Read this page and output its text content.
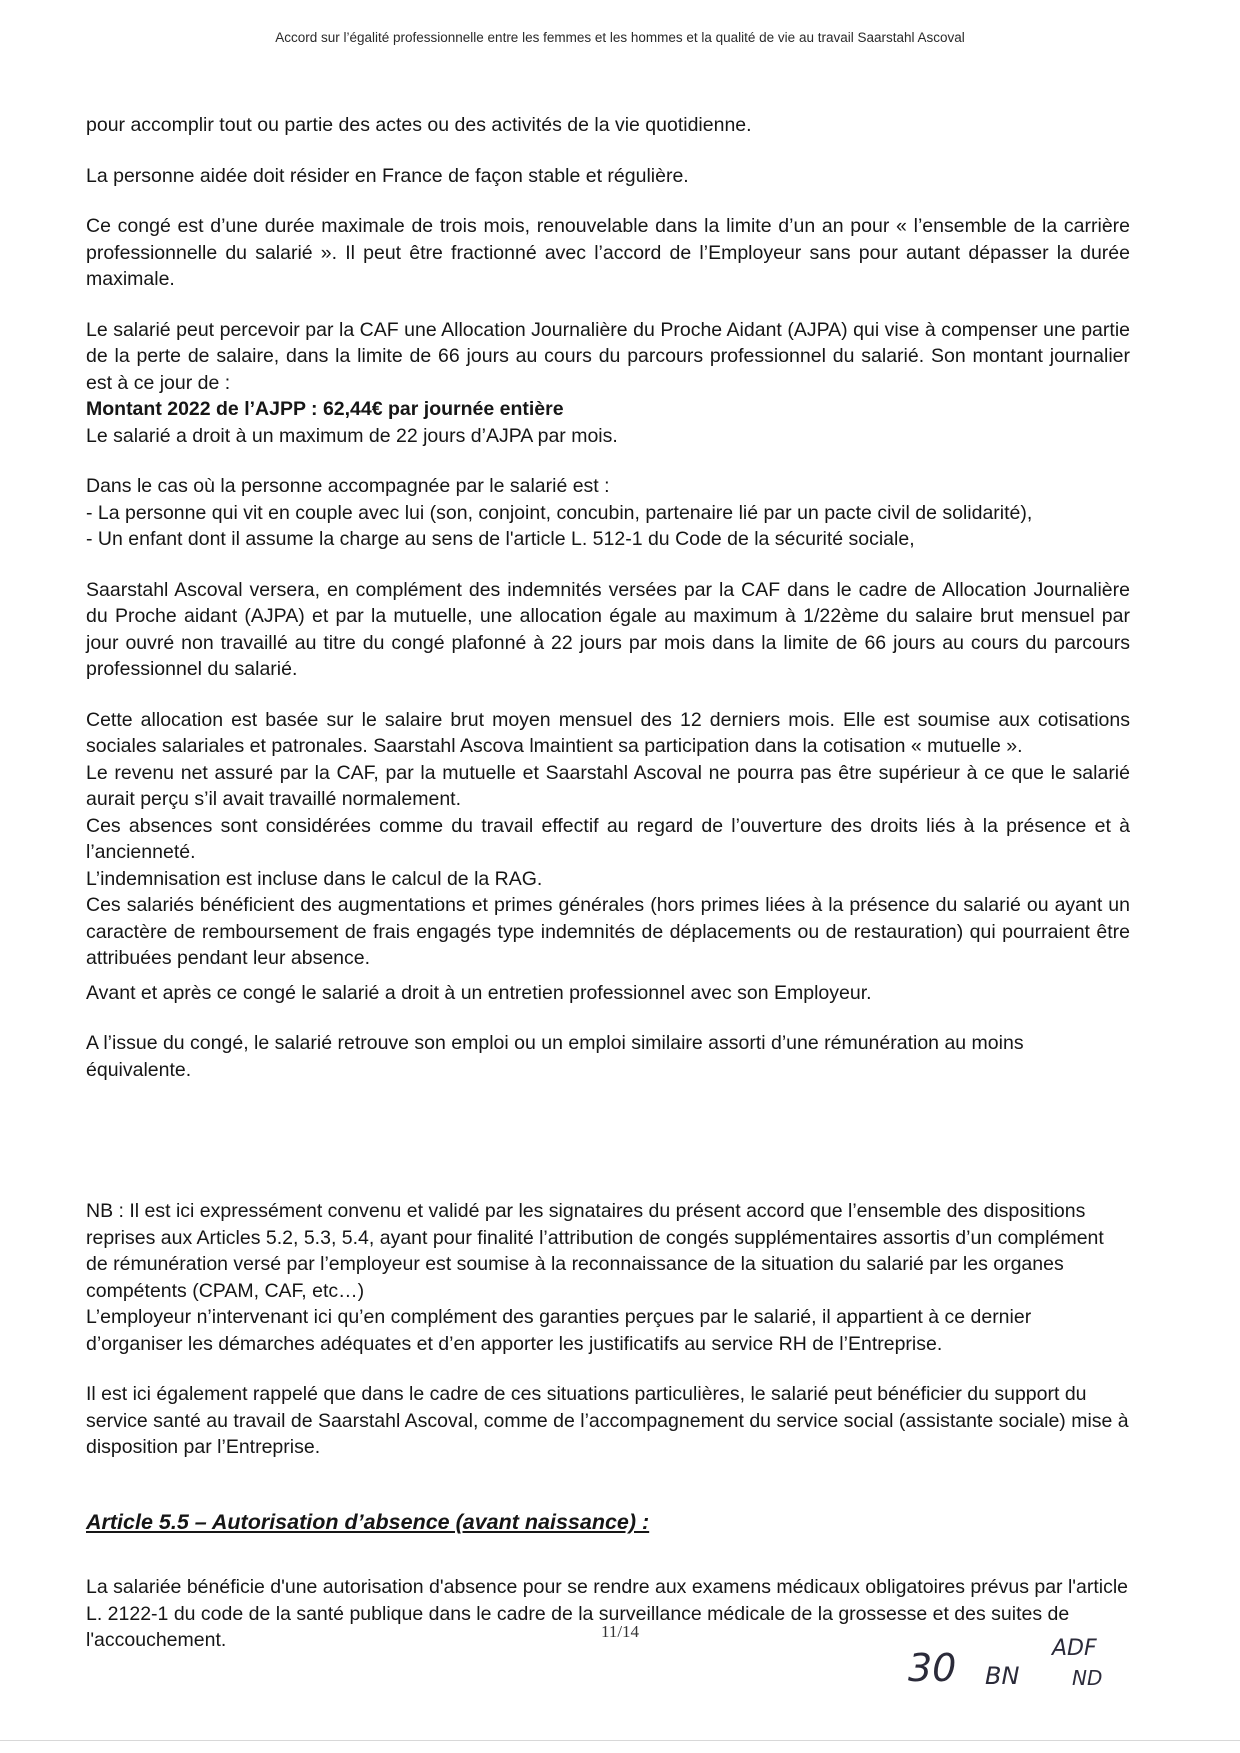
Accord sur l’égalité professionnelle entre les femmes et les hommes et la qualité de vie au travail Saarstahl Ascoval

pour accomplir tout ou partie des actes ou des activités de la vie quotidienne.

La personne aidée doit résider en France de façon stable et régulière.

Ce congé est d’une durée maximale de trois mois, renouvelable dans la limite d’un an pour « l’ensemble de la carrière professionnelle du salarié ». Il peut être fractionné avec l’accord de l’Employeur sans pour autant dépasser la durée maximale.

Le salarié peut percevoir par la CAF une Allocation Journalière du Proche Aidant (AJPA) qui vise à compenser une partie de la perte de salaire, dans la limite de 66 jours au cours du parcours professionnel du salarié. Son montant journalier est à ce jour de :

Montant 2022 de l’AJPP : 62,44€ par journée entière

Le salarié a droit à un maximum de 22 jours d’AJPA par mois.

Dans le cas où la personne accompagnée par le salarié est :

- La personne qui vit en couple avec lui (son, conjoint, concubin, partenaire lié par un pacte civil de solidarité),

- Un enfant dont il assume la charge au sens de l'article L. 512-1 du Code de la sécurité sociale,

Saarstahl Ascoval versera, en complément des indemnités versées par la CAF dans le cadre de Allocation Journalière du Proche aidant (AJPA) et par la mutuelle, une allocation égale au maximum à 1/22ème du salaire brut mensuel par jour ouvré non travaillé au titre du congé plafonné à 22 jours par mois dans la limite de 66 jours au cours du parcours professionnel du salarié.

Cette allocation est basée sur le salaire brut moyen mensuel des 12 derniers mois. Elle est soumise aux cotisations sociales salariales et patronales. Saarstahl Ascova lmaintient sa participation dans la cotisation « mutuelle ».

Le revenu net assuré par la CAF, par la mutuelle et Saarstahl Ascoval ne pourra pas être supérieur à ce que le salarié aurait perçu s’il avait travaillé normalement.

Ces absences sont considérées comme du travail effectif au regard de l’ouverture des droits liés à la présence et à l’ancienneté.

L’indemnisation est incluse dans le calcul de la RAG.

Ces salariés bénéficient des augmentations et primes générales (hors primes liées à la présence du salarié ou ayant un caractère de remboursement de frais engagés type indemnités de déplacements ou de restauration) qui pourraient être attribuées pendant leur absence.

Avant et après ce congé le salarié a droit à un entretien professionnel avec son Employeur.

A l’issue du congé, le salarié retrouve son emploi ou un emploi similaire assorti d’une rémunération au moins équivalente.

NB : Il est ici expressément convenu et validé par les signataires du présent accord que l’ensemble des dispositions reprises aux Articles 5.2, 5.3, 5.4, ayant pour finalité l’attribution de congés supplémentaires assortis d’un complément de rémunération versé par l’employeur est soumise à la reconnaissance de la situation du salarié par les organes compétents (CPAM, CAF, etc…)

L’employeur n’intervenant ici qu’en complément des garanties perçues par le salarié, il appartient à ce dernier d’organiser les démarches adéquates et d’en apporter les justificatifs au service RH de l’Entreprise.

Il est ici également rappelé que dans le cadre de ces situations particulières, le salarié peut bénéficier du support du service santé au travail de Saarstahl Ascoval, comme de l’accompagnement du service social (assistante sociale) mise à disposition par l’Entreprise.

Article 5.5 – Autorisation d’absence (avant naissance) :

La salariée bénéficie d'une autorisation d'absence pour se rendre aux examens médicaux obligatoires prévus par l'article L. 2122-1 du code de la santé publique dans le cadre de la surveillance médicale de la grossesse et des suites de l'accouchement.	11/14
30 BN
ADF
ND
